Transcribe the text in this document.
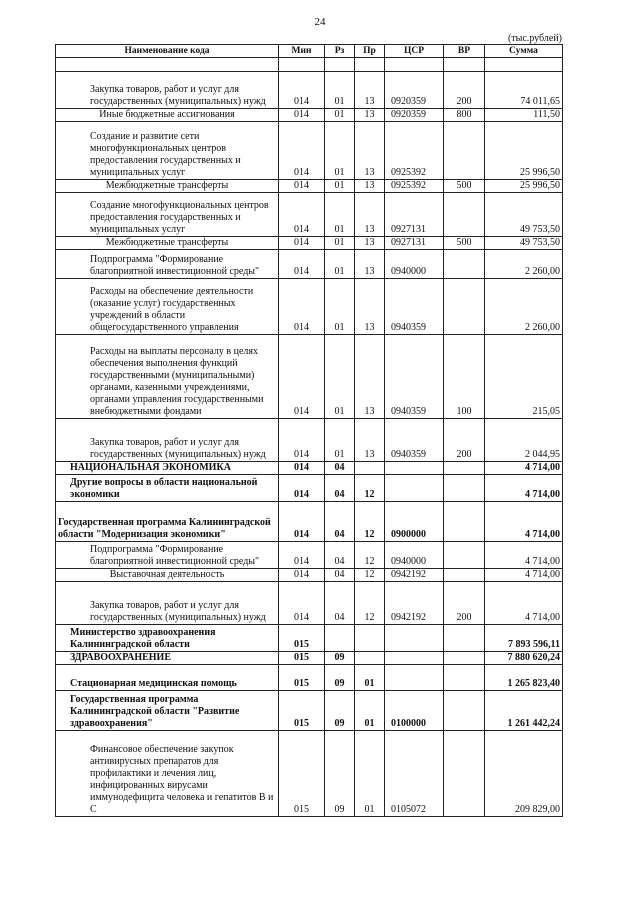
24
(тыс.рублей)
Наименование кода	Мин	Рз	Пр	ЦСР	ВР	Сумма

Закупка товаров, работ и услуг для государственных (муниципальных) нужд	014	01	13	0920359	200	74 011,65
Иные бюджетные ассигнования	014	01	13	0920359	800	111,50
Создание и развитие сети многофункциональных центров предоставления государственных и муниципальных услуг	014	01	13	0925392		25 996,50
Межбюджетные трансферты	014	01	13	0925392	500	25 996,50
Создание многофункциональных центров предоставления государственных и муниципальных услуг	014	01	13	0927131		49 753,50
Межбюджетные трансферты	014	01	13	0927131	500	49 753,50
Подпрограмма "Формирование благоприятной инвестиционной среды"	014	01	13	0940000		2 260,00
Расходы на обеспечение деятельности (оказание услуг) государственных учреждений в области общегосударственного управления	014	01	13	0940359		2 260,00
Расходы на выплаты персоналу в целях обеспечения выполнения функций государственными (муниципальными) органами, казенными учреждениями, органами управления государственными внебюджетными фондами	014	01	13	0940359	100	215,05
Закупка товаров, работ и услуг для государственных (муниципальных) нужд	014	01	13	0940359	200	2 044,95
НАЦИОНАЛЬНАЯ ЭКОНОМИКА	014	04				4 714,00
Другие вопросы в области национальной экономики	014	04	12			4 714,00
Государственная программа Калининградской области "Модернизация экономики"	014	04	12	0900000		4 714,00
Подпрограмма "Формирование благоприятной инвестиционной среды"	014	04	12	0940000		4 714,00
Выставочная деятельность	014	04	12	0942192		4 714,00
Закупка товаров, работ и услуг для государственных (муниципальных) нужд	014	04	12	0942192	200	4 714,00
Министерство здравоохранения Калининградской области	015					7 893 596,11
ЗДРАВООХРАНЕНИЕ	015	09				7 880 620,24
Стационарная медицинская помощь	015	09	01			1 265 823,40
Государственная программа Калининградской области "Развитие здравоохранения"	015	09	01	0100000		1 261 442,24
Финансовое обеспечение закупок антивирусных препаратов для профилактики и лечения лиц, инфицированных вирусами иммунодефицита человека и гепатитов В и С	015	09	01	0105072		209 829,00
